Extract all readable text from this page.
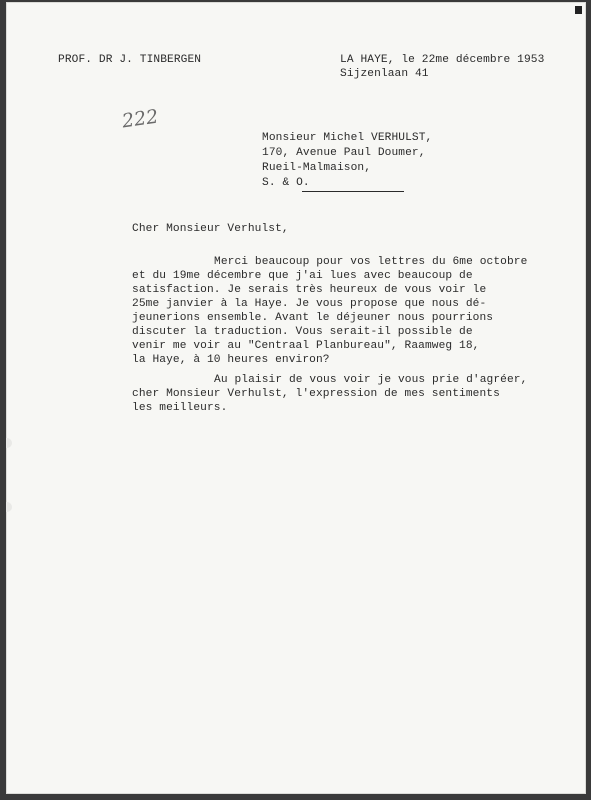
PROF. DR J. TINBERGEN	LA HAYE, le 22me décembre 1953

Sijzenlaan 41

222

Monsieur Michel VERHULST,

170, Avenue Paul Doumer,

Rueil-Malmaison,

S. & O.

Cher Monsieur Verhulst,

Merci beaucoup pour vos lettres du 6me octobre

et du 19me décembre que j'ai lues avec beaucoup de

satisfaction. Je serais très heureux de vous voir le

25me janvier à la Haye. Je vous propose que nous dé-

jeunerions ensemble. Avant le déjeuner nous pourrions

discuter la traduction. Vous serait-il possible de

venir me voir au "Centraal Planbureau", Raamweg 18,

la Haye, à 10 heures environ?

Au plaisir de vous voir je vous prie d'agréer,

cher Monsieur Verhulst, l'expression de mes sentiments

les meilleurs.
